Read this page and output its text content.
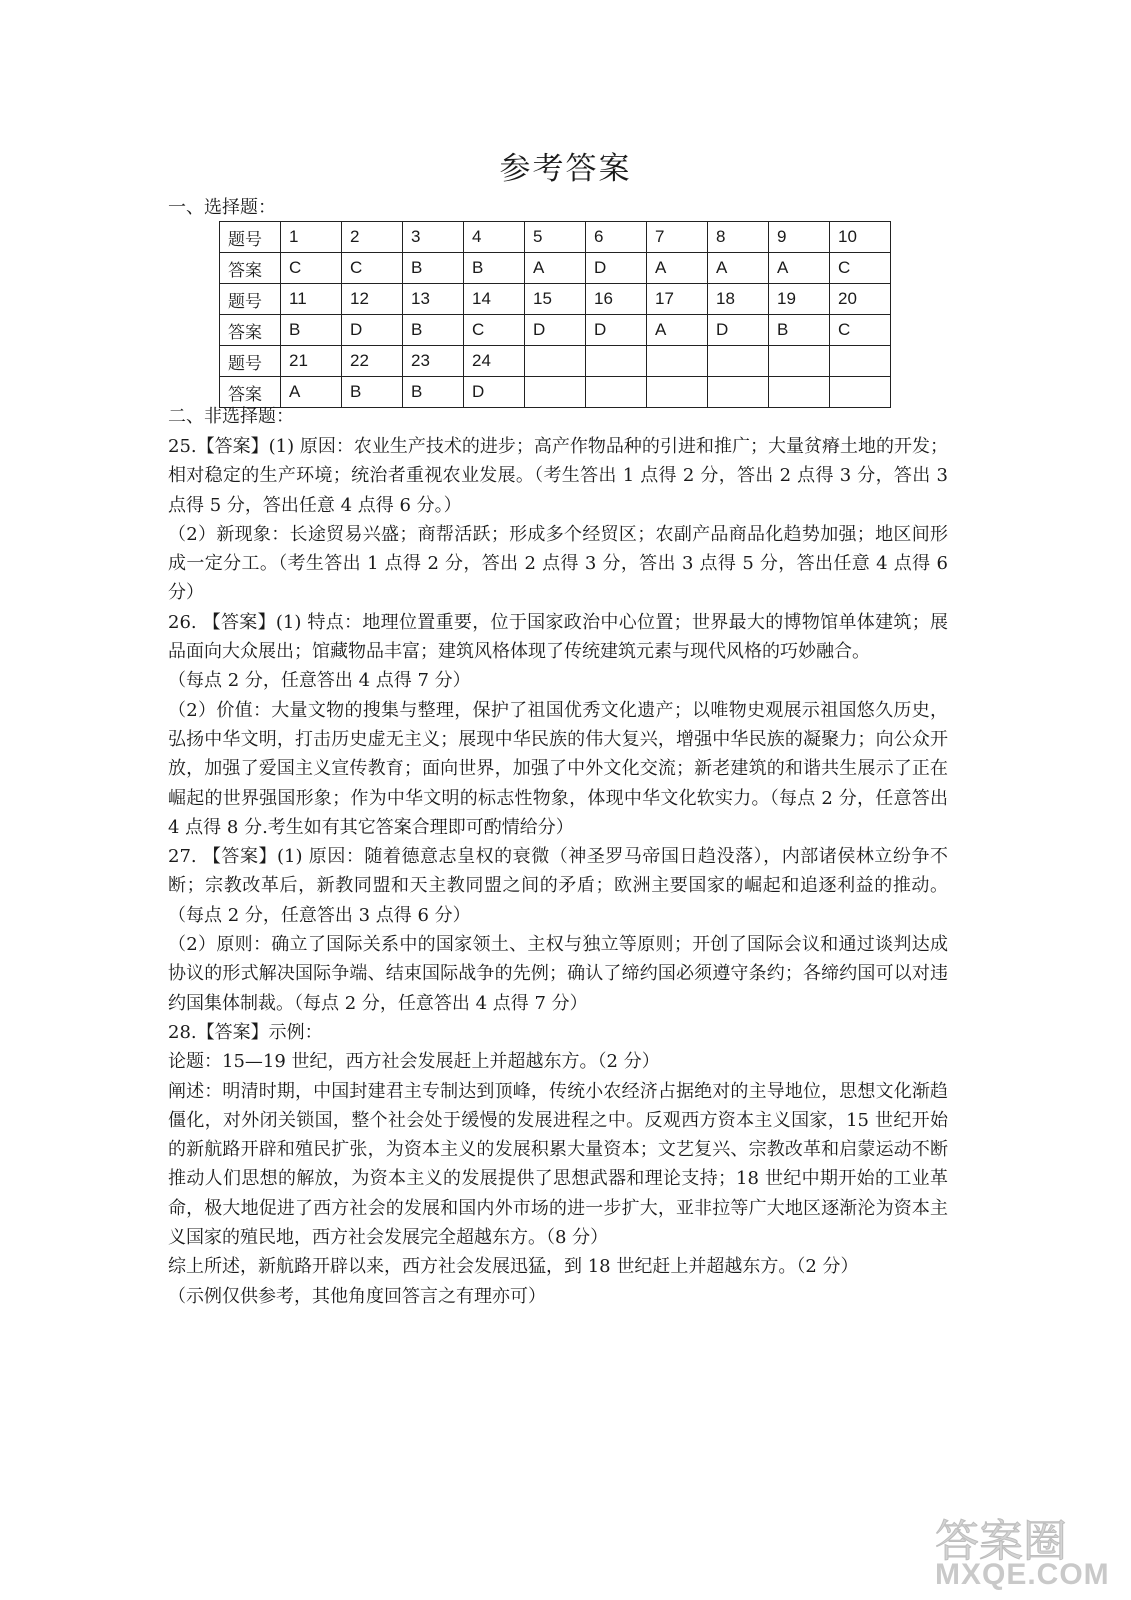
参考答案
一、选择题：
题号	1	2	3	4	5	6	7	8	9	10
答案	C	C	B	B	A	D	A	A	A	C
题号	11	12	13	14	15	16	17	18	19	20
答案	B	D	B	C	D	D	A	D	B	C
题号	21	22	23	24						
答案	A	B	B	D						
二、非选择题：

25.【答案】(1) 原因：农业生产技术的进步；高产作物品种的引进和推广；大量贫瘠土地的开发；相对稳定的生产环境；统治者重视农业发展。（考生答出 1 点得 2 分，答出 2 点得 3 分，答出 3 点得 5 分，答出任意 4 点得 6 分。）

（2）新现象：长途贸易兴盛；商帮活跃；形成多个经贸区；农副产品商品化趋势加强；地区间形成一定分工。（考生答出 1 点得 2 分，答出 2 点得 3 分，答出 3 点得 5 分，答出任意 4 点得 6 分）

26. 【答案】(1) 特点：地理位置重要，位于国家政治中心位置；世界最大的博物馆单体建筑；展品面向大众展出；馆藏物品丰富；建筑风格体现了传统建筑元素与现代风格的巧妙融合。

（每点 2 分，任意答出 4 点得 7 分）

（2）价值：大量文物的搜集与整理，保护了祖国优秀文化遗产；以唯物史观展示祖国悠久历史，弘扬中华文明，打击历史虚无主义；展现中华民族的伟大复兴，增强中华民族的凝聚力；向公众开放，加强了爱国主义宣传教育；面向世界，加强了中外文化交流；新老建筑的和谐共生展示了正在崛起的世界强国形象；作为中华文明的标志性物象，体现中华文化软实力。（每点 2 分，任意答出 4 点得 8 分.考生如有其它答案合理即可酌情给分）

27. 【答案】(1) 原因：随着德意志皇权的衰微（神圣罗马帝国日趋没落），内部诸侯林立纷争不断；宗教改革后，新教同盟和天主教同盟之间的矛盾；欧洲主要国家的崛起和追逐利益的推动。（每点 2 分，任意答出 3 点得 6 分）

（2）原则：确立了国际关系中的国家领土、主权与独立等原则；开创了国际会议和通过谈判达成协议的形式解决国际争端、结束国际战争的先例；确认了缔约国必须遵守条约；各缔约国可以对违约国集体制裁。（每点 2 分，任意答出 4 点得 7 分）

28.【答案】示例：

论题：15—19 世纪，西方社会发展赶上并超越东方。（2 分）

阐述：明清时期，中国封建君主专制达到顶峰，传统小农经济占据绝对的主导地位，思想文化渐趋僵化，对外闭关锁国，整个社会处于缓慢的发展进程之中。反观西方资本主义国家，15 世纪开始的新航路开辟和殖民扩张，为资本主义的发展积累大量资本；文艺复兴、宗教改革和启蒙运动不断推动人们思想的解放，为资本主义的发展提供了思想武器和理论支持；18 世纪中期开始的工业革命，极大地促进了西方社会的发展和国内外市场的进一步扩大，亚非拉等广大地区逐渐沦为资本主义国家的殖民地，西方社会发展完全超越东方。（8 分）

综上所述，新航路开辟以来，西方社会发展迅猛，到 18 世纪赶上并超越东方。（2 分）

（示例仅供参考，其他角度回答言之有理亦可）

答案圈
MXQE.COM
